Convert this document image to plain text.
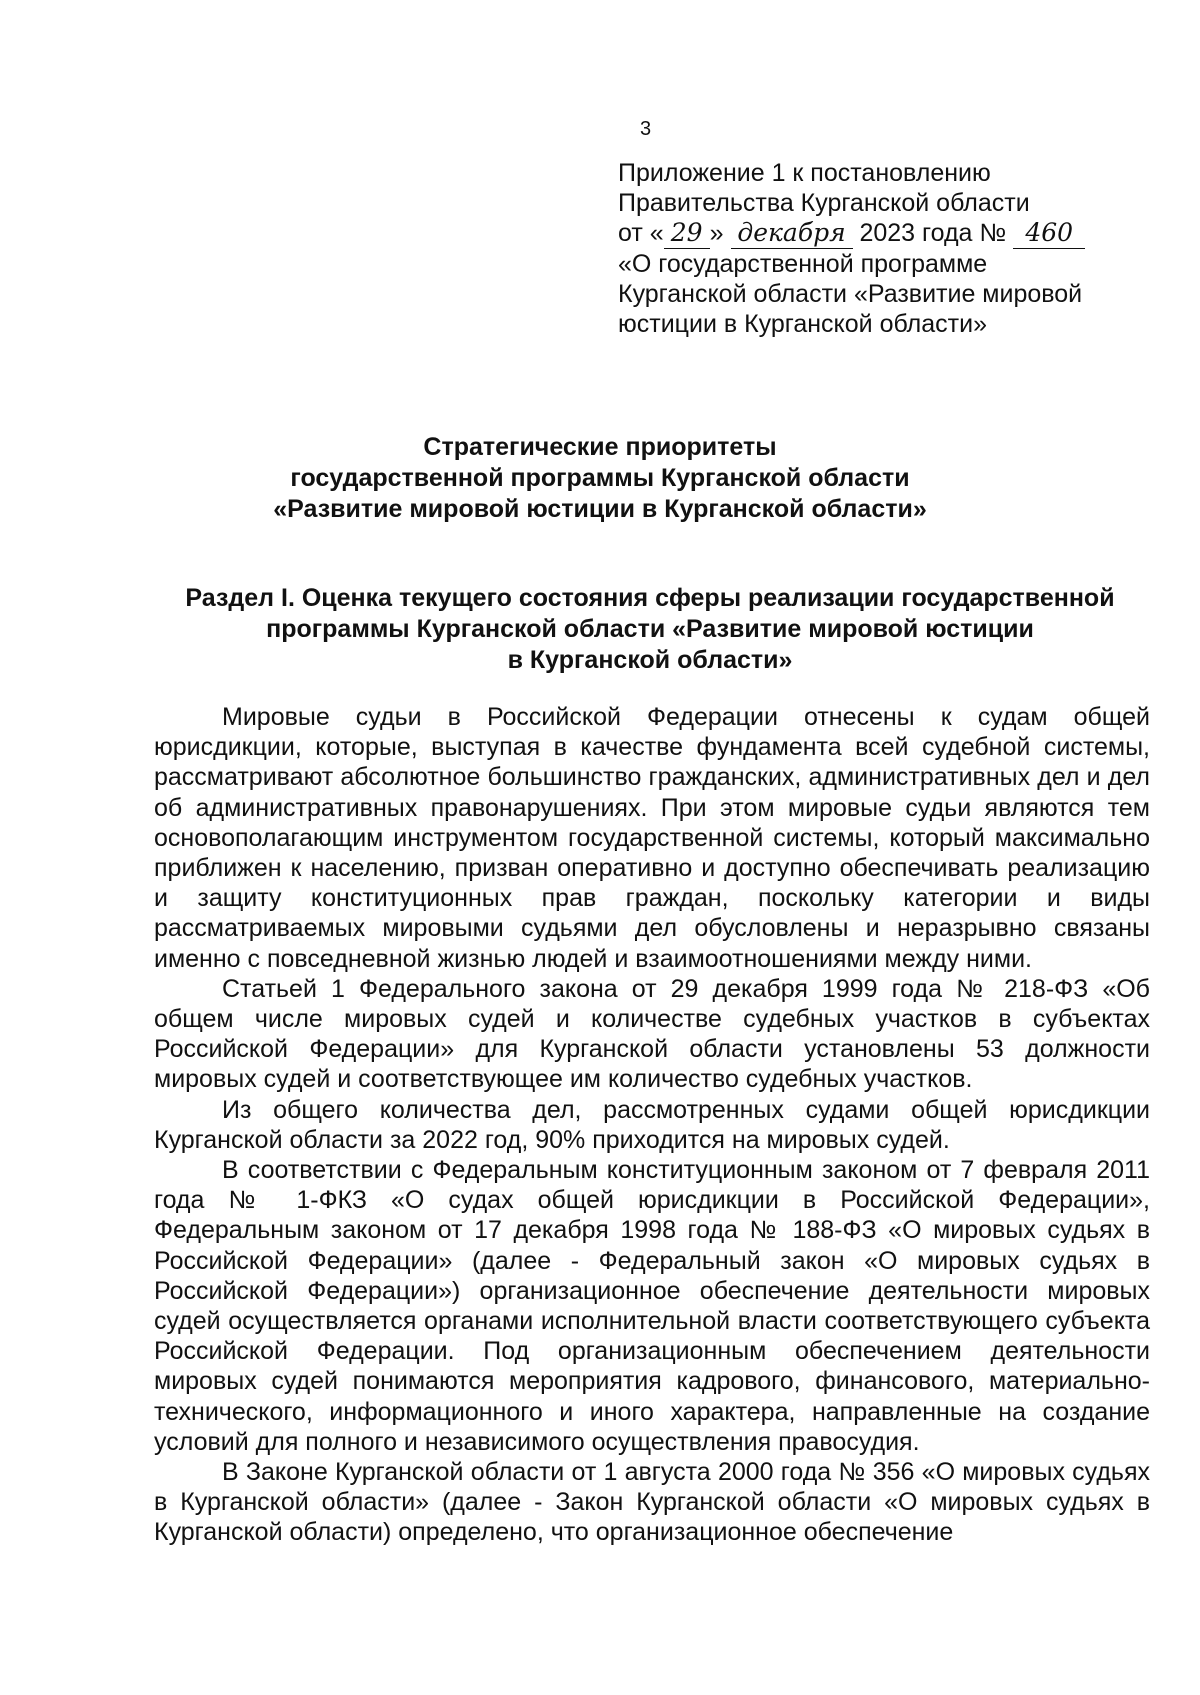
3
Приложение 1 к постановлению
Правительства Курганской области
от « 29 » декабря 2023 года № 460
«О государственной программе
Курганской области «Развитие мировой
юстиции в Курганской области»
Стратегические приоритеты
государственной программы Курганской области
«Развитие мировой юстиции в Курганской области»
Раздел I. Оценка текущего состояния сферы реализации государственной
программы Курганской области «Развитие мировой юстиции
в Курганской области»

Мировые судьи в Российской Федерации отнесены к судам общей юрисдикции, которые, выступая в качестве фундамента всей судебной системы, рассматривают абсолютное большинство гражданских, административных дел и дел об административных правонарушениях. При этом мировые судьи являются тем основополагающим инструментом государственной системы, который максимально приближен к населению, призван оперативно и доступно обеспечивать реализацию и защиту конституционных прав граждан, поскольку категории и виды рассматриваемых мировыми судьями дел обусловлены и неразрывно связаны именно с повседневной жизнью людей и взаимоотношениями между ними.

Статьей 1 Федерального закона от 29 декабря 1999 года № 218-ФЗ «Об общем числе мировых судей и количестве судебных участков в субъектах Российской Федерации» для Курганской области установлены 53 должности мировых судей и соответствующее им количество судебных участков.

Из общего количества дел, рассмотренных судами общей юрисдикции Курганской области за 2022 год, 90% приходится на мировых судей.

В соответствии с Федеральным конституционным законом от 7 февраля 2011 года № 1-ФКЗ «О судах общей юрисдикции в Российской Федерации», Федеральным законом от 17 декабря 1998 года № 188-ФЗ «О мировых судьях в Российской Федерации» (далее - Федеральный закон «О мировых судьях в Российской Федерации») организационное обеспечение деятельности мировых судей осуществляется органами исполнительной власти соответствующего субъекта Российской Федерации. Под организационным обеспечением деятельности мировых судей понимаются мероприятия кадрового, финансового, материально-технического, информационного и иного характера, направленные на создание условий для полного и независимого осуществления правосудия.

В Законе Курганской области от 1 августа 2000 года № 356 «О мировых судьях в Курганской области» (далее - Закон Курганской области «О мировых судьях в Курганской области) определено, что организационное обеспечение
